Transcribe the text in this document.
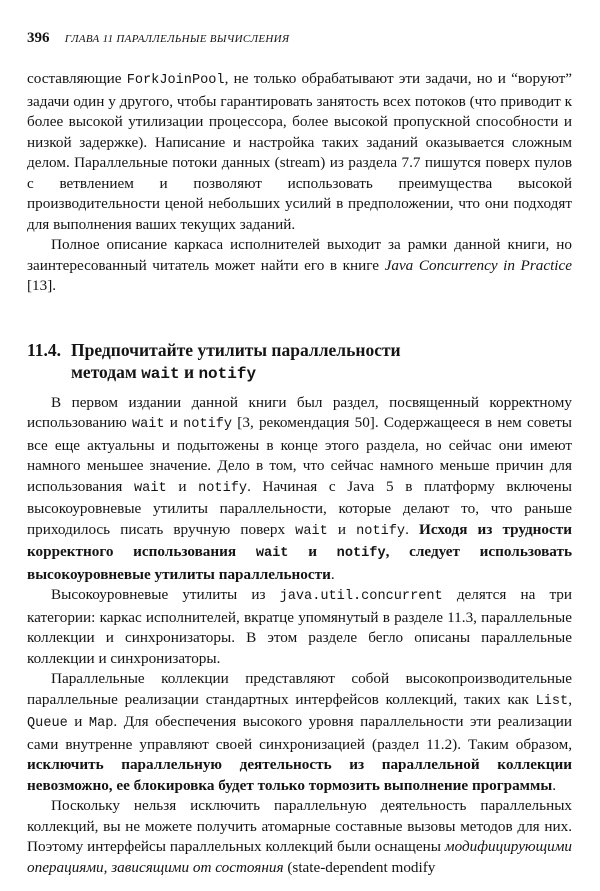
396 ГЛАВА 11 ПАРАЛЛЕЛЬНЫЕ ВЫЧИСЛЕНИЯ

составляющие ForkJoinPool, не только обрабатывают эти задачи, но и “воруют” задачи один у другого, чтобы гарантировать занятость всех потоков (что приводит к более высокой утилизации процессора, более высокой пропускной способности и низкой задержке). Написание и настройка таких заданий оказывается сложным делом. Параллельные потоки данных (stream) из раздела 7.7 пишутся поверх пулов с ветвлением и позволяют использовать преимущества высокой производительности ценой небольших усилий в предположении, что они подходят для выполнения ваших текущих заданий.

Полное описание каркаса исполнителей выходит за рамки данной книги, но заинтересованный читатель может найти его в книге Java Concurrency in Practice [13].

11.4. Предпочитайте утилиты параллельности
методам wait и notify

В первом издании данной книги был раздел, посвященный корректному использованию wait и notify [3, рекомендация 50]. Содержащееся в нем советы все еще актуальны и подытожены в конце этого раздела, но сейчас они имеют намного меньшее значение. Дело в том, что сейчас намного меньше причин для использования wait и notify. Начиная с Java 5 в платформу включены высокоуровневые утилиты параллельности, которые делают то, что раньше приходилось писать вручную поверх wait и notify. Исходя из трудности корректного использования wait и notify, следует использовать высокоуровневые утилиты параллельности.

Высокоуровневые утилиты из java.util.concurrent делятся на три категории: каркас исполнителей, вкратце упомянутый в разделе 11.3, параллельные коллекции и синхронизаторы. В этом разделе бегло описаны параллельные коллекции и синхронизаторы.

Параллельные коллекции представляют собой высокопроизводительные параллельные реализации стандартных интерфейсов коллекций, таких как List, Queue и Map. Для обеспечения высокого уровня параллельности эти реализации сами внутренне управляют своей синхронизацией (раздел 11.2). Таким образом, исключить параллельную деятельность из параллельной коллекции невозможно, ее блокировка будет только тормозить выполнение программы.

Поскольку нельзя исключить параллельную деятельность параллельных коллекций, вы не можете получить атомарные составные вызовы методов для них. Поэтому интерфейсы параллельных коллекций были оснащены модифицирующими операциями, зависящими от состояния (state-dependent modify
